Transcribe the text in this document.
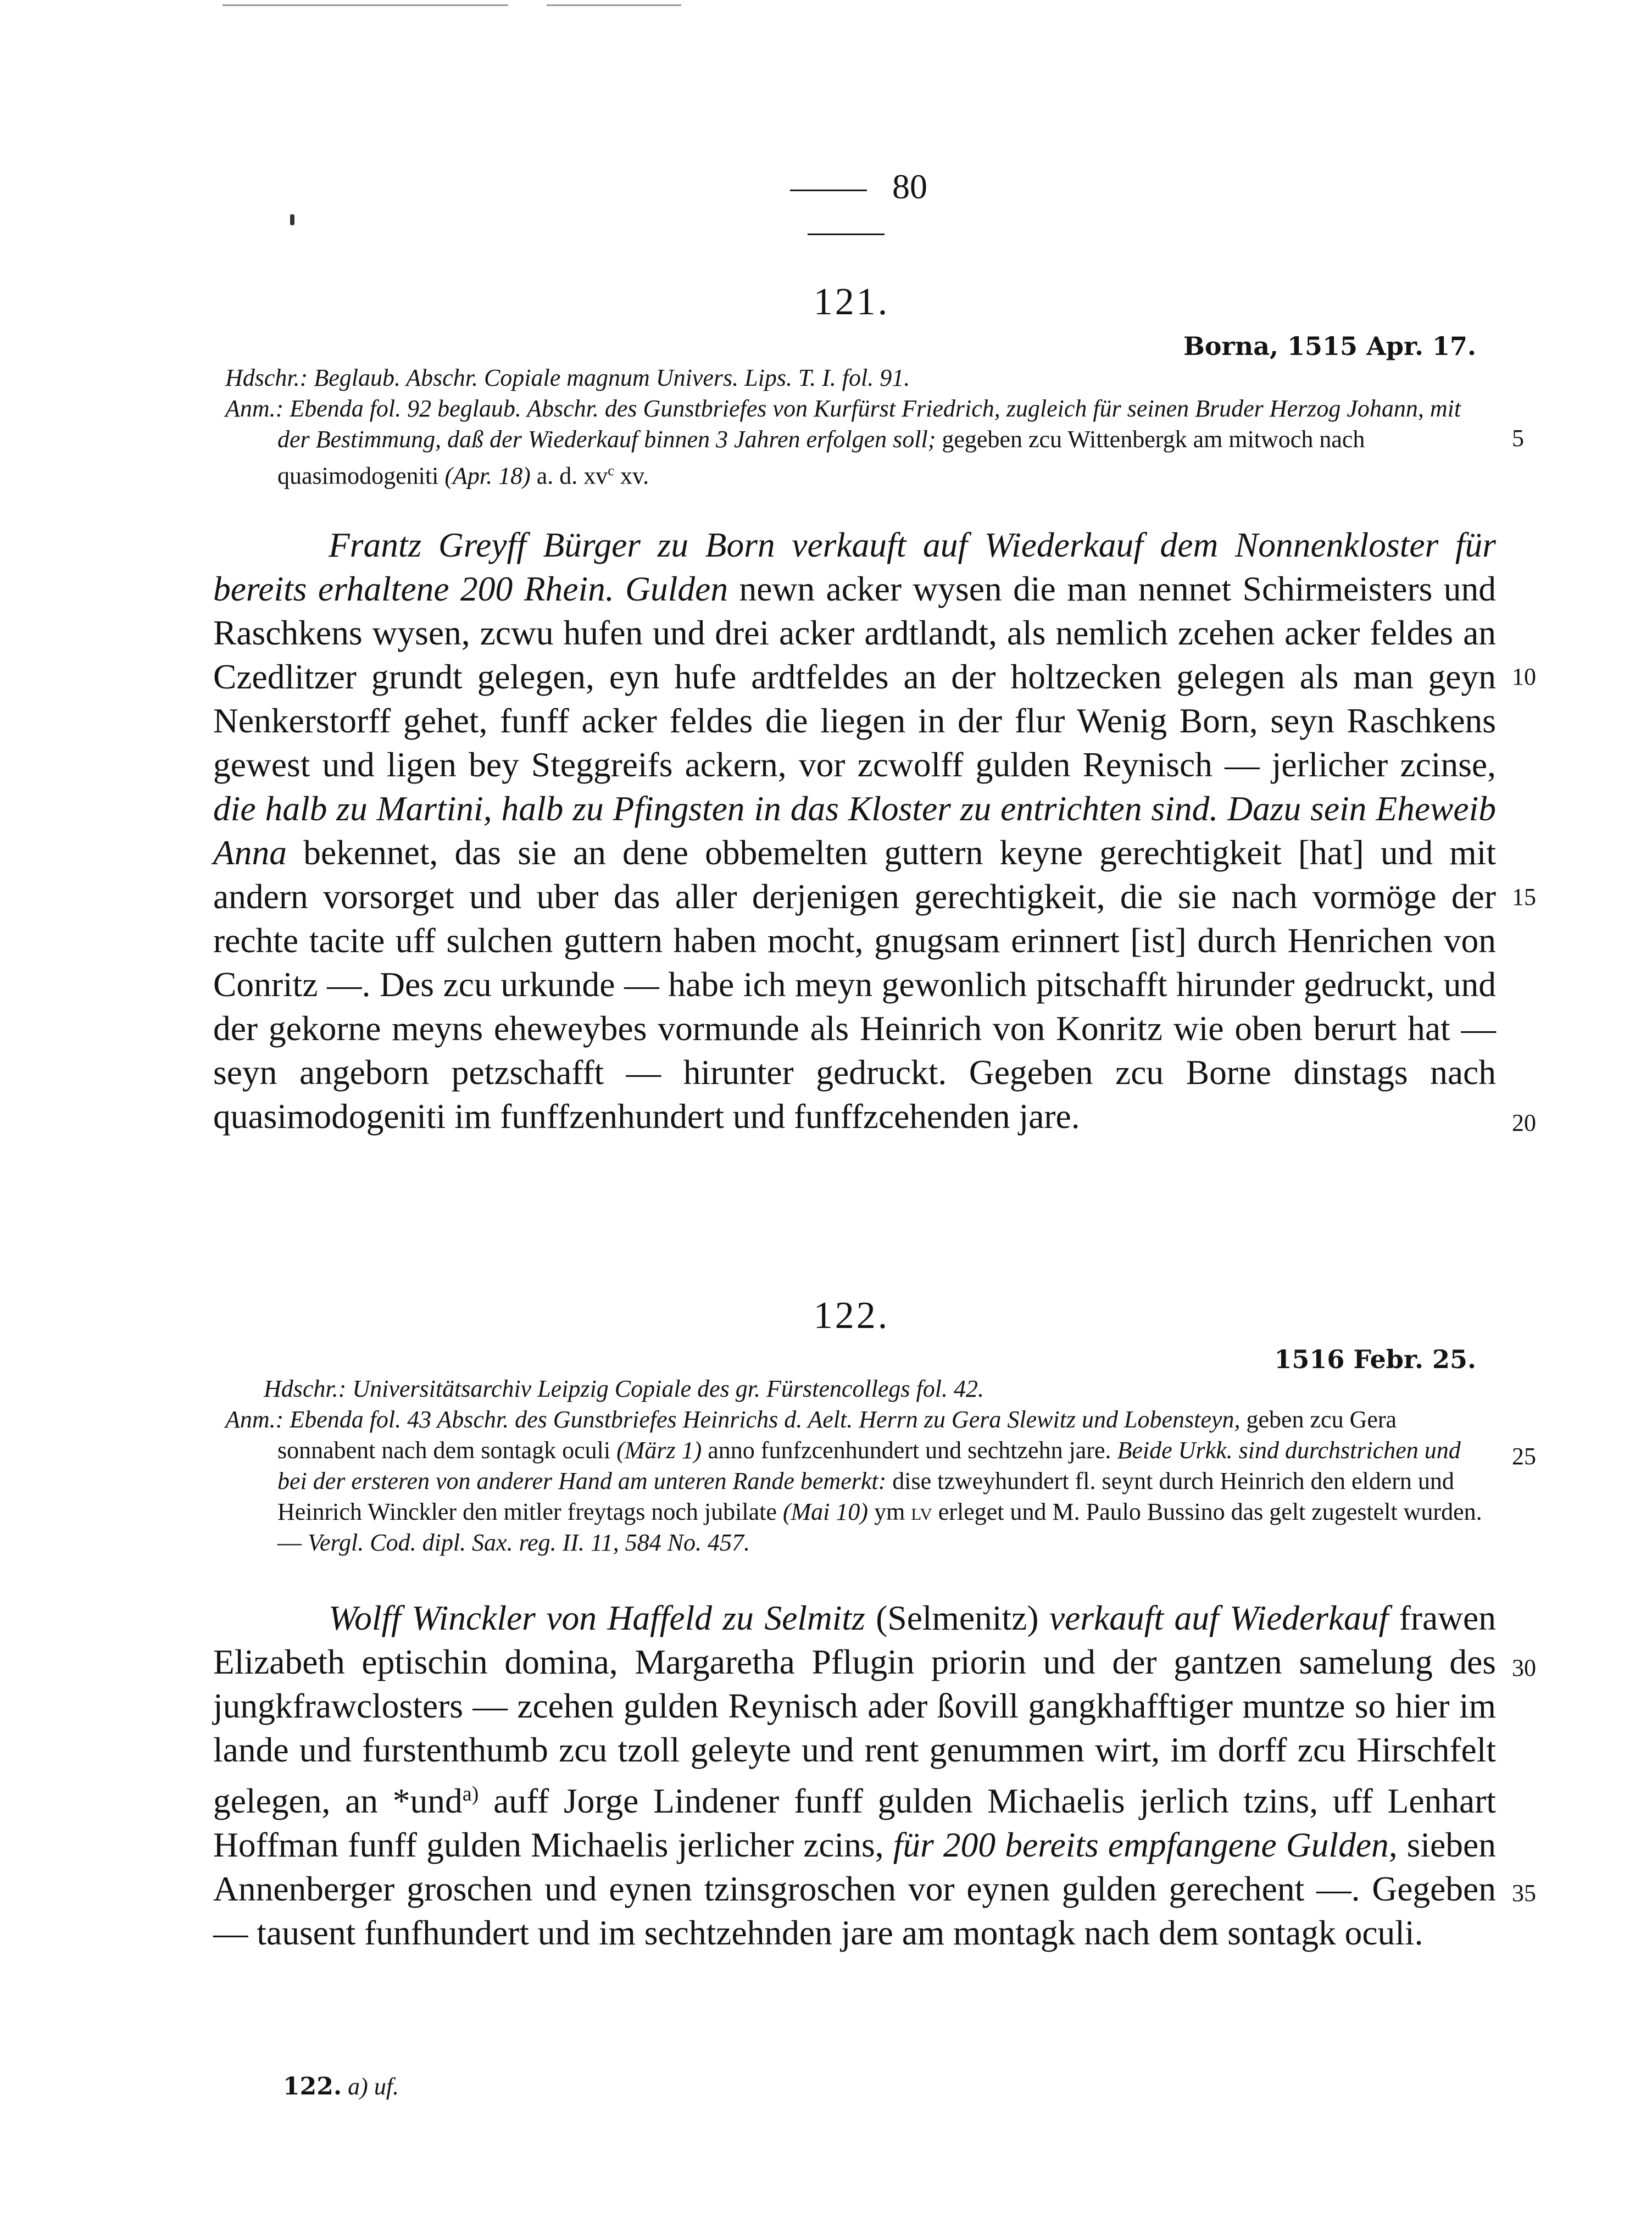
80
121.
Borna, 1515 Apr. 17.

Hdschr.: Beglaub. Abschr. Copiale magnum Univers. Lips. T. I. fol. 91.

Anm.: Ebenda fol. 92 beglaub. Abschr. des Gunstbriefes von Kurfürst Friedrich, zugleich für seinen Bruder Herzog Johann, mit der Bestimmung, daß der Wiederkauf binnen 3 Jahren erfolgen soll; gegeben zcu Wittenbergk am mitwoch nach quasimodogeniti (Apr. 18) a. d. $xv^c$ xv.

Frantz Greyff Bürger zu Born verkauft auf Wiederkauf dem Nonnenkloster für bereits erhaltene 200 Rhein. Gulden newn acker wysen die man nennet Schirmeisters und Raschkens wysen, zcwu hufen und drei acker ardtlandt, als nemlich zcehen acker feldes an Czedlitzer grundt gelegen, eyn hufe ardtfeldes an der holtzecken gelegen als man geyn Nenkerstorff gehet, funff acker feldes die liegen in der flur Wenig Born, seyn Raschkens gewest und ligen bey Steggreifs ackern, vor zcwolff gulden Reynisch — jerlicher zcinse, die halb zu Martini, halb zu Pfingsten in das Kloster zu entrichten sind. Dazu sein Eheweib Anna bekennet, das sie an dene obbemelten guttern keyne gerechtigkeit [hat] und mit andern vorsorget und uber das aller derjenigen gerechtigkeit, die sie nach vormöge der rechte tacite uff sulchen guttern haben mocht, gnugsam erinnert [ist] durch Henrichen von Conritz —. Des zcu urkunde — habe ich meyn gewonlich pitschafft hirunder gedruckt, und der gekorne meyns eheweybes vormunde als Heinrich von Konritz wie oben berurt hat — seyn angeborn petzschafft — hirunter gedruckt. Gegeben zcu Borne dinstags nach quasimodogeniti im funffzenhundert und funffzcehenden jare.

122.
1516 Febr. 25.

Hdschr.: Universitätsarchiv Leipzig Copiale des gr. Fürstencollegs fol. 42.

Anm.: Ebenda fol. 43 Abschr. des Gunstbriefes Heinrichs d. Aelt. Herrn zu Gera Slewitz und Lobensteyn, geben zcu Gera sonnabent nach dem sontagk oculi (März 1) anno funfzcenhundert und sechtzehn jare. Beide Urkk. sind durchstrichen und bei der ersteren von anderer Hand am unteren Rande bemerkt: dise tzweyhundert fl. seynt durch Heinrich den eldern und Heinrich Winckler den mitler freytags noch jubilate (Mai 10) ym lv erleget und M. Paulo Bussino das gelt zugestelt wurden. — Vergl. Cod. dipl. Sax. reg. II. 11, 584 No. 457.

Wolff Winckler von Haffeld zu Selmitz (Selmenitz) verkauft auf Wiederkauf frawen Elizabeth eptischin domina, Margaretha Pflugin priorin und der gantzen samelung des jungkfrawclosters — zcehen gulden Reynisch ader ßovill gangkhafftiger muntze so hier im lande und furstenthumb zcu tzoll geleyte und rent genummen wirt, im dorff zcu Hirschfelt gelegen, an *und$^{a)}$ auff Jorge Lindener funff gulden Michaelis jerlich tzins, uff Lenhart Hoffman funff gulden Michaelis jerlicher zcins, für 200 bereits empfangene Gulden, sieben Annenberger groschen und eynen tzinsgroschen vor eynen gulden gerechent —. Gegeben — tausent funfhundert und im sechtzehnden jare am montagk nach dem sontagk oculi.

5
10
15
20
25
30
35
122. a) uf.
